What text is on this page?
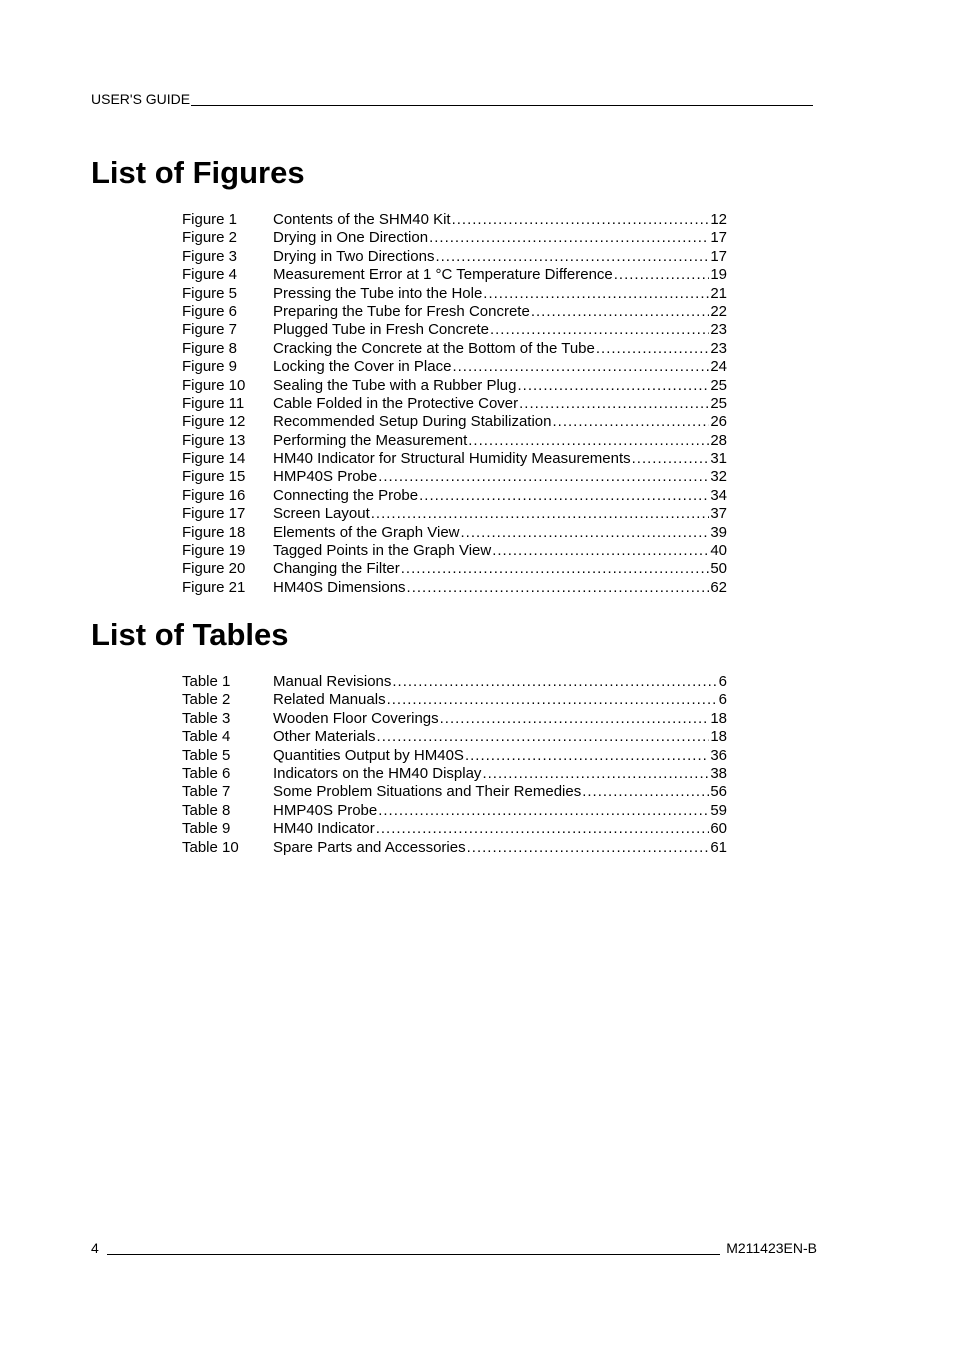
USER'S GUIDE
List of Figures
Figure 1	Contents of the SHM40 Kit .....	12
Figure 2	Drying in One Direction .....	17
Figure 3	Drying in Two Directions .....	17
Figure 4	Measurement Error at 1 °C Temperature Difference .....	19
Figure 5	Pressing the Tube into the Hole .....	21
Figure 6	Preparing the Tube for Fresh Concrete .....	22
Figure 7	Plugged Tube in Fresh Concrete .....	23
Figure 8	Cracking the Concrete at the Bottom of the Tube .....	23
Figure 9	Locking the Cover in Place .....	24
Figure 10	Sealing the Tube with a Rubber Plug .....	25
Figure 11	Cable Folded in the Protective Cover .....	25
Figure 12	Recommended Setup During Stabilization .....	26
Figure 13	Performing the Measurement .....	28
Figure 14	HM40 Indicator for Structural Humidity Measurements .....	31
Figure 15	HMP40S Probe .....	32
Figure 16	Connecting the Probe .....	34
Figure 17	Screen Layout .....	37
Figure 18	Elements of the Graph View .....	39
Figure 19	Tagged Points in the Graph View .....	40
Figure 20	Changing the Filter .....	50
Figure 21	HM40S Dimensions .....	62
List of Tables
Table 1	Manual Revisions .....	6
Table 2	Related Manuals .....	6
Table 3	Wooden Floor Coverings .....	18
Table 4	Other Materials .....	18
Table 5	Quantities Output by HM40S .....	36
Table 6	Indicators on the HM40 Display .....	38
Table 7	Some Problem Situations and Their Remedies .....	56
Table 8	HMP40S Probe .....	59
Table 9	HM40 Indicator .....	60
Table 10	Spare Parts and Accessories .....	61
4	M211423EN-B
